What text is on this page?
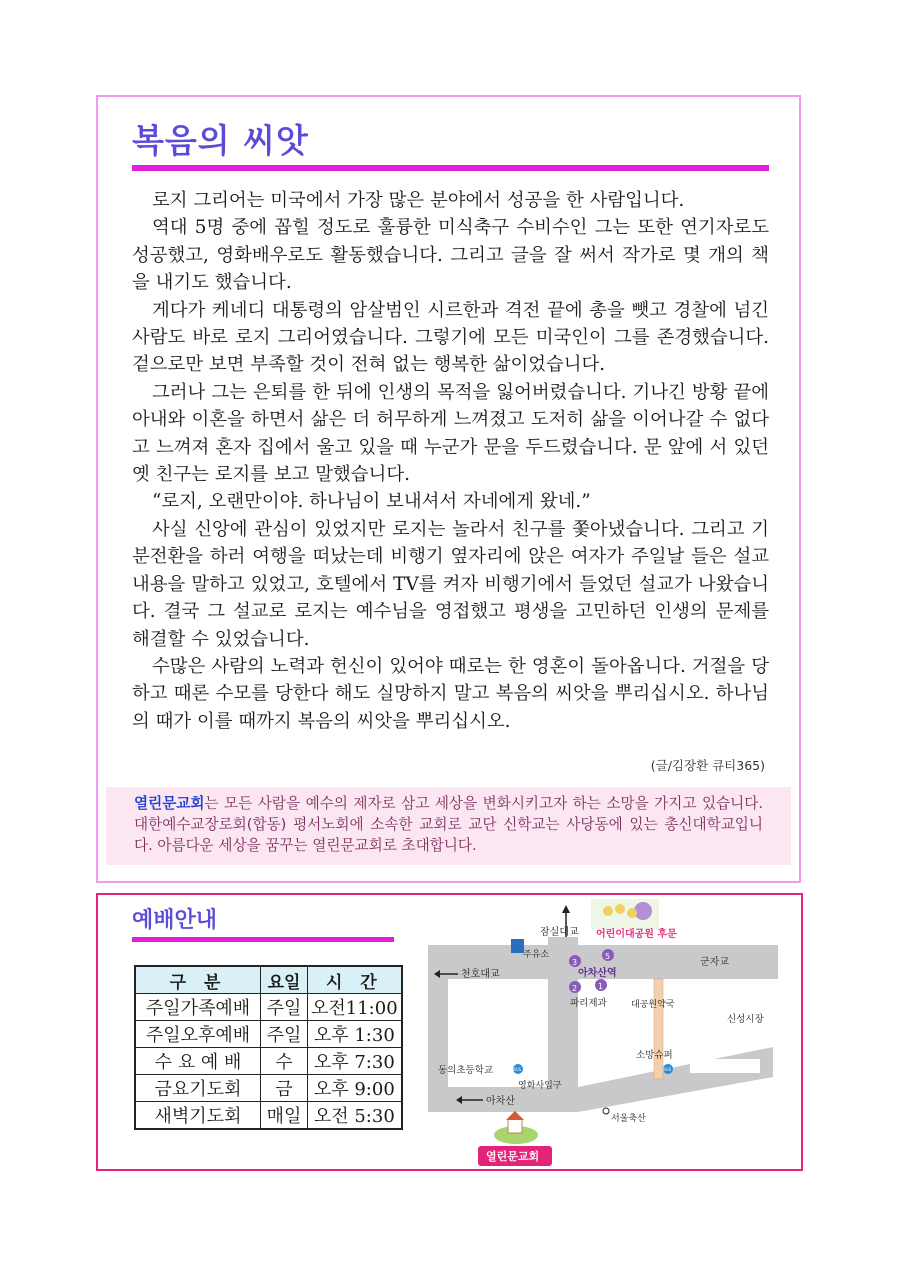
복음의 씨앗

로지 그리어는 미국에서 가장 많은 분야에서 성공을 한 사람입니다.

역대 5명 중에 꼽힐 정도로 훌륭한 미식축구 수비수인 그는 또한 연기자로도 성공했고, 영화배우로도 활동했습니다. 그리고 글을 잘 써서 작가로 몇 개의 책을 내기도 했습니다.

게다가 케네디 대통령의 암살범인 시르한과 격전 끝에 총을 뺏고 경찰에 넘긴 사람도 바로 로지 그리어였습니다. 그렇기에 모든 미국인이 그를 존경했습니다. 겉으로만 보면 부족할 것이 전혀 없는 행복한 삶이었습니다.

그러나 그는 은퇴를 한 뒤에 인생의 목적을 잃어버렸습니다. 기나긴 방황 끝에 아내와 이혼을 하면서 삶은 더 허무하게 느껴졌고 도저히 삶을 이어나갈 수 없다고 느껴져 혼자 집에서 울고 있을 때 누군가 문을 두드렸습니다. 문 앞에 서 있던 옛 친구는 로지를 보고 말했습니다.

“로지, 오랜만이야. 하나님이 보내셔서 자네에게 왔네.”

사실 신앙에 관심이 있었지만 로지는 놀라서 친구를 쫓아냈습니다. 그리고 기분전환을 하러 여행을 떠났는데 비행기 옆자리에 앉은 여자가 주일날 들은 설교 내용을 말하고 있었고, 호텔에서 TV를 켜자 비행기에서 들었던 설교가 나왔습니다. 결국 그 설교로 로지는 예수님을 영접했고 평생을 고민하던 인생의 문제를 해결할 수 있었습니다.

수많은 사람의 노력과 헌신이 있어야 때로는 한 영혼이 돌아옵니다. 거절을 당하고 때론 수모를 당한다 해도 실망하지 말고 복음의 씨앗을 뿌리십시오. 하나님의 때가 이를 때까지 복음의 씨앗을 뿌리십시오.

(글/김장환 큐티365)
열린문교회는 모든 사람을 예수의 제자로 삼고 세상을 변화시키고자 하는 소망을 가지고 있습니다. 대한예수교장로회(합동) 평서노회에 소속한 교회로 교단 신학교는 사당동에 있는 총신대학교입니다. 아름다운 세상을 꿈꾸는 열린문교회로 초대합니다.
예배안내
구 분	요일	시 간
주일가족예배	주일	오전11:00
주일오후예배	주일	오후 1:30
수 요 예 배	수	오후 7:30
금요기도회	금	오후 9:00
새벽기도회	매일	오전 5:30
잠실대교 어린이대공원 후문
주유소
천호대교
군자교
5
3
2	1
아차산역
파리제과	대공원약국
신성시장
소망슈퍼
BUS	BUS
동의초등학교
영화사입구
아차산
서울축산
열린문교회
